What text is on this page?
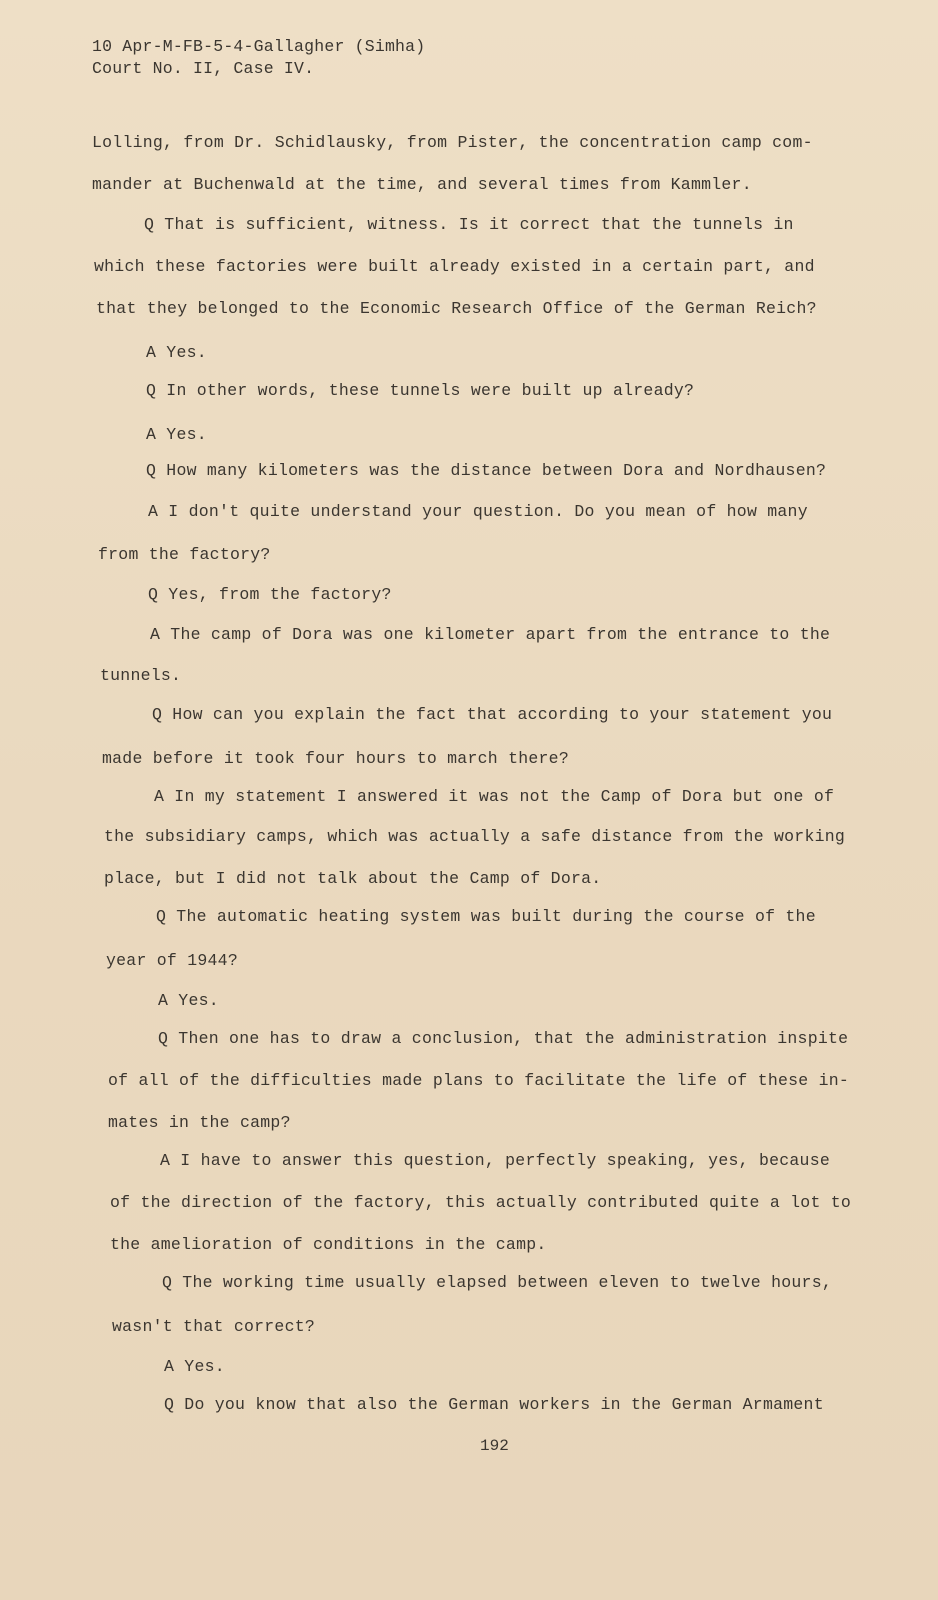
10 Apr-M-FB-5-4-Gallagher (Simha)
Court No. II, Case IV.
Lolling, from Dr. Schidlausky, from Pister, the concentration camp com-
mander at Buchenwald at the time, and several times from Kammler.
Q That is sufficient, witness. Is it correct that the tunnels in
which these factories were built already existed in a certain part, and
that they belonged to the Economic Research Office of the German Reich?
A Yes.
Q In other words, these tunnels were built up already?
A Yes.
Q How many kilometers was the distance between Dora and Nordhausen?
A I don't quite understand your question. Do you mean of how many
from the factory?
Q Yes, from the factory?
A The camp of Dora was one kilometer apart from the entrance to the
tunnels.
Q How can you explain the fact that according to your statement you
made before it took four hours to march there?
A In my statement I answered it was not the Camp of Dora but one of
the subsidiary camps, which was actually a safe distance from the working
place, but I did not talk about the Camp of Dora.
Q The automatic heating system was built during the course of the
year of 1944?
A Yes.
Q Then one has to draw a conclusion, that the administration inspite
of all of the difficulties made plans to facilitate the life of these in-
mates in the camp?
A I have to answer this question, perfectly speaking, yes, because
of the direction of the factory, this actually contributed quite a lot to
the amelioration of conditions in the camp.
Q The working time usually elapsed between eleven to twelve hours,
wasn't that correct?
A Yes.
Q Do you know that also the German workers in the German Armament
192
